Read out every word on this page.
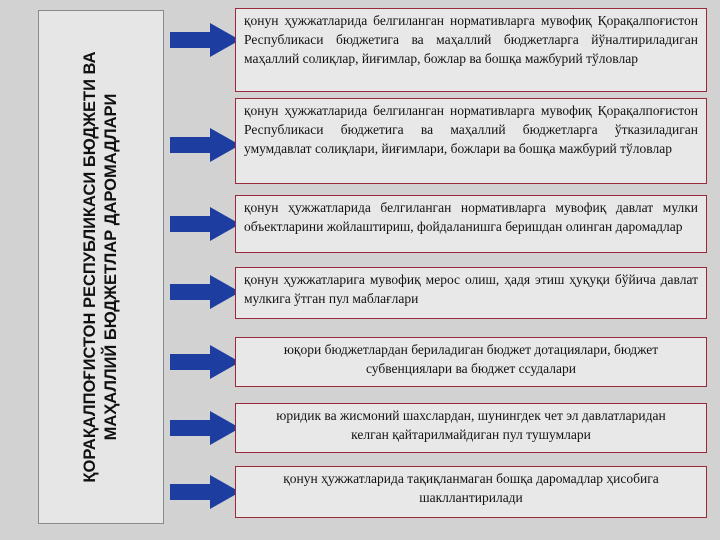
ҚОРАҚАЛПОҒИСТОН РЕСПУБЛИКАСИ БЮДЖЕТИ ВА МАҲАЛЛИЙ БЮДЖЕТЛАР ДАРОМАДЛАРИ
қонун ҳужжатларида белгиланган нормативларга мувофиқ Қорақалпоғистон Республикаси бюджетига ва маҳаллий бюджетларга йўналтириладиган маҳаллий солиқлар, йиғимлар, божлар ва бошқа мажбурий тўловлар
қонун ҳужжатларида белгиланган нормативларга мувофиқ Қорақалпоғистон Республикаси бюджетига ва маҳаллий бюджетларга ўтказиладиган умумдавлат солиқлари, йиғимлари, божлари ва бошқа мажбурий тўловлар
қонун ҳужжатларида белгиланган нормативларга мувофиқ давлат мулки объектларини жойлаштириш, фойдаланишга беришдан олинган даромадлар
қонун ҳужжатларига мувофиқ мерос олиш, ҳадя этиш ҳуқуқи бўйича давлат мулкига ўтган пул маблағлари
юқори бюджетлардан бериладиган бюджет дотациялари, бюджет субвенциялари ва бюджет ссудалари
юридик ва жисмоний шахслардан, шунингдек чет эл давлатларидан келган қайтарилмайдиган пул тушумлари
қонун ҳужжатларида тақиқланмаган бошқа даромадлар ҳисобига шакллантирилади
